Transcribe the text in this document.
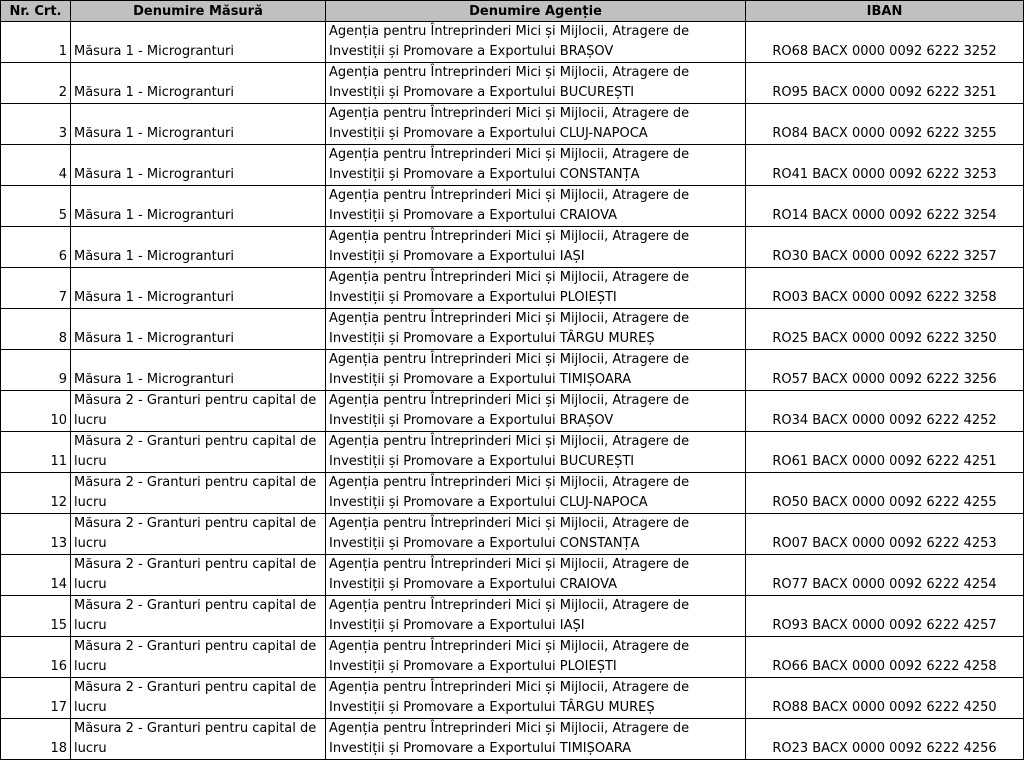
Nr. Crt.	Denumire Măsură	Denumire Agenție	IBAN
1	Măsura 1 - Microgranturi	Agenția pentru Întreprinderi Mici și Mijlocii, Atragere de Investiții și Promovare a Exportului BRAȘOV	RO68 BACX 0000 0092 6222 3252
2	Măsura 1 - Microgranturi	Agenția pentru Întreprinderi Mici și Mijlocii, Atragere de Investiții și Promovare a Exportului BUCUREȘTI	RO95 BACX 0000 0092 6222 3251
3	Măsura 1 - Microgranturi	Agenția pentru Întreprinderi Mici și Mijlocii, Atragere de Investiții și Promovare a Exportului CLUJ-NAPOCA	RO84 BACX 0000 0092 6222 3255
4	Măsura 1 - Microgranturi	Agenția pentru Întreprinderi Mici și Mijlocii, Atragere de Investiții și Promovare a Exportului CONSTANȚA	RO41 BACX 0000 0092 6222 3253
5	Măsura 1 - Microgranturi	Agenția pentru Întreprinderi Mici și Mijlocii, Atragere de Investiții și Promovare a Exportului CRAIOVA	RO14 BACX 0000 0092 6222 3254
6	Măsura 1 - Microgranturi	Agenția pentru Întreprinderi Mici și Mijlocii, Atragere de Investiții și Promovare a Exportului IAȘI	RO30 BACX 0000 0092 6222 3257
7	Măsura 1 - Microgranturi	Agenția pentru Întreprinderi Mici și Mijlocii, Atragere de Investiții și Promovare a Exportului PLOIEȘTI	RO03 BACX 0000 0092 6222 3258
8	Măsura 1 - Microgranturi	Agenția pentru Întreprinderi Mici și Mijlocii, Atragere de Investiții și Promovare a Exportului TÂRGU MUREȘ	RO25 BACX 0000 0092 6222 3250
9	Măsura 1 - Microgranturi	Agenția pentru Întreprinderi Mici și Mijlocii, Atragere de Investiții și Promovare a Exportului TIMIȘOARA	RO57 BACX 0000 0092 6222 3256
10	Măsura 2 - Granturi pentru capital de lucru	Agenția pentru Întreprinderi Mici și Mijlocii, Atragere de Investiții și Promovare a Exportului BRAȘOV	RO34 BACX 0000 0092 6222 4252
11	Măsura 2 - Granturi pentru capital de lucru	Agenția pentru Întreprinderi Mici și Mijlocii, Atragere de Investiții și Promovare a Exportului BUCUREȘTI	RO61 BACX 0000 0092 6222 4251
12	Măsura 2 - Granturi pentru capital de lucru	Agenția pentru Întreprinderi Mici și Mijlocii, Atragere de Investiții și Promovare a Exportului CLUJ-NAPOCA	RO50 BACX 0000 0092 6222 4255
13	Măsura 2 - Granturi pentru capital de lucru	Agenția pentru Întreprinderi Mici și Mijlocii, Atragere de Investiții și Promovare a Exportului CONSTANȚA	RO07 BACX 0000 0092 6222 4253
14	Măsura 2 - Granturi pentru capital de lucru	Agenția pentru Întreprinderi Mici și Mijlocii, Atragere de Investiții și Promovare a Exportului CRAIOVA	RO77 BACX 0000 0092 6222 4254
15	Măsura 2 - Granturi pentru capital de lucru	Agenția pentru Întreprinderi Mici și Mijlocii, Atragere de Investiții și Promovare a Exportului IAȘI	RO93 BACX 0000 0092 6222 4257
16	Măsura 2 - Granturi pentru capital de lucru	Agenția pentru Întreprinderi Mici și Mijlocii, Atragere de Investiții și Promovare a Exportului PLOIEȘTI	RO66 BACX 0000 0092 6222 4258
17	Măsura 2 - Granturi pentru capital de lucru	Agenția pentru Întreprinderi Mici și Mijlocii, Atragere de Investiții și Promovare a Exportului TÂRGU MUREȘ	RO88 BACX 0000 0092 6222 4250
18	Măsura 2 - Granturi pentru capital de lucru	Agenția pentru Întreprinderi Mici și Mijlocii, Atragere de Investiții și Promovare a Exportului TIMIȘOARA	RO23 BACX 0000 0092 6222 4256
